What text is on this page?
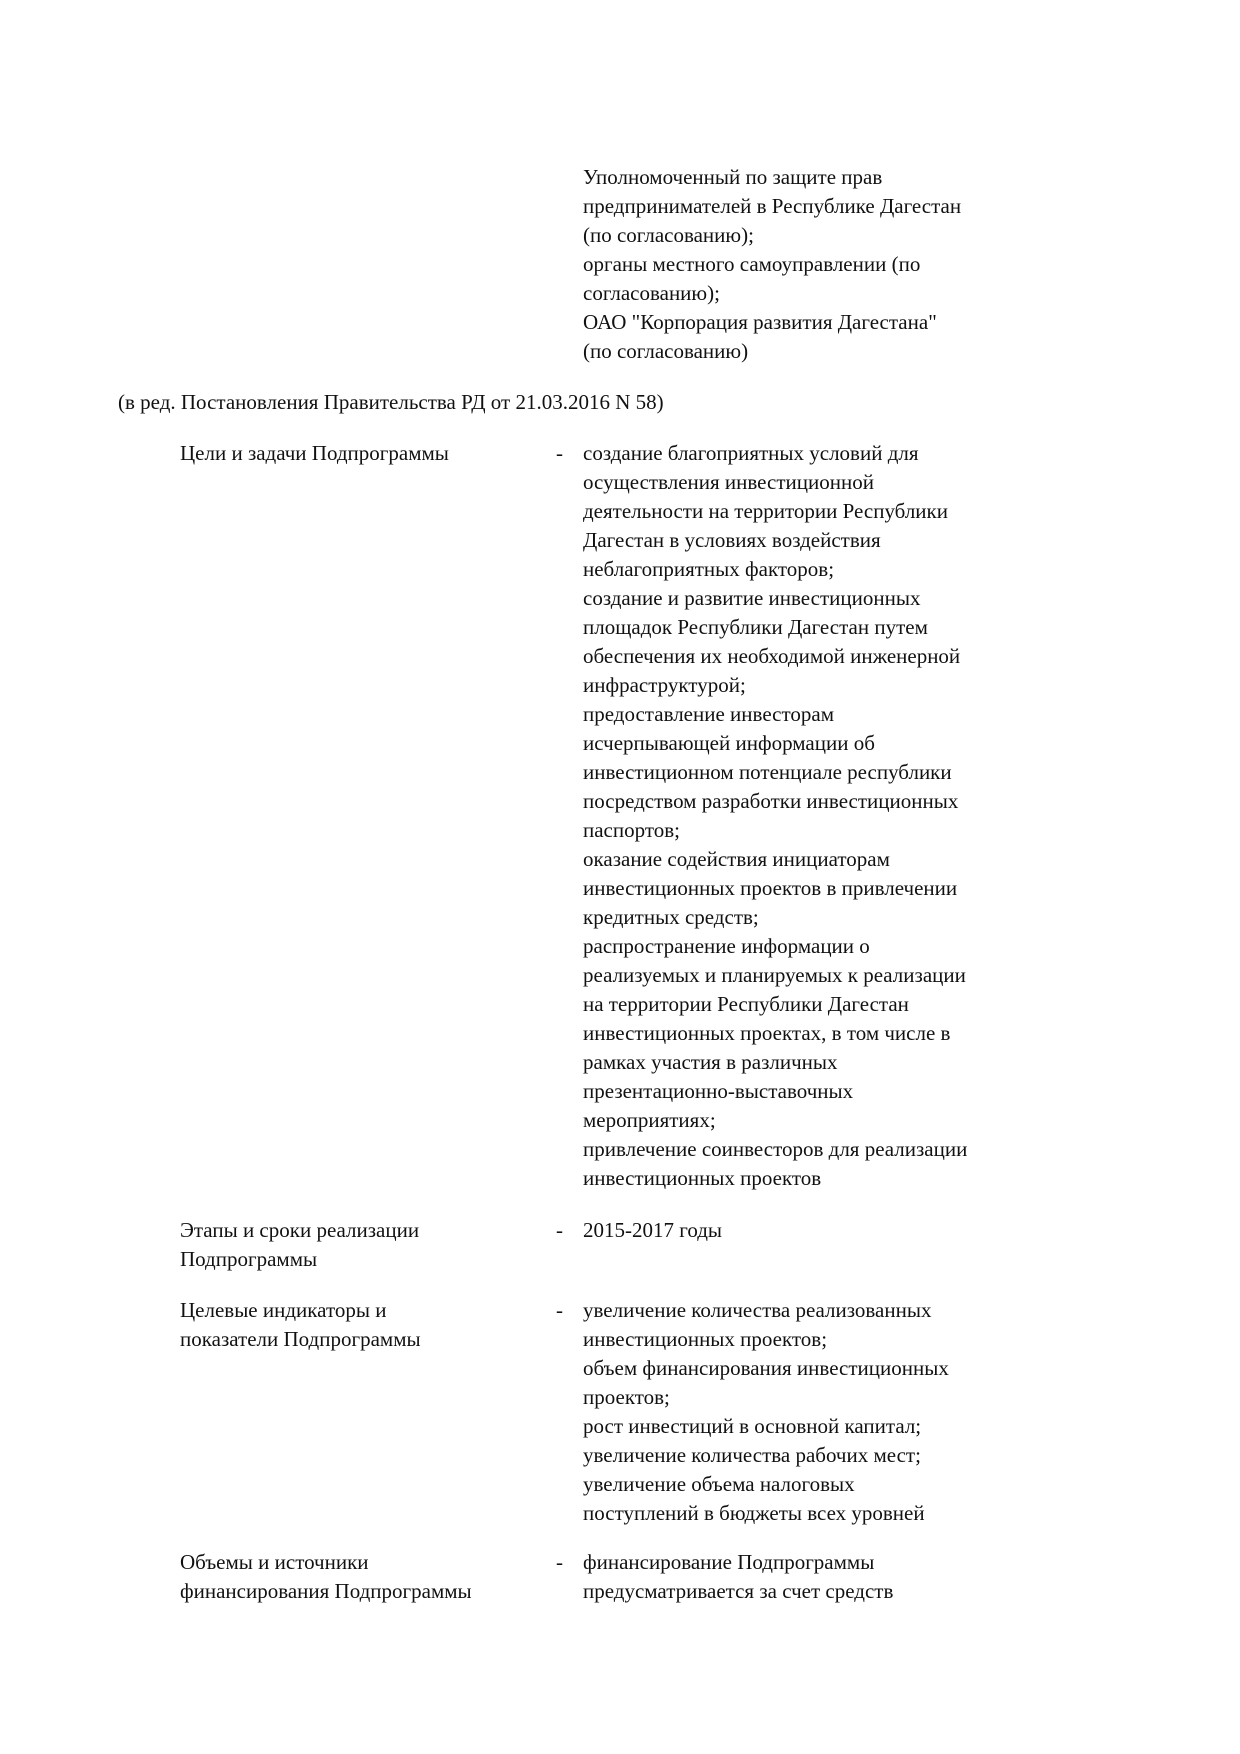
Уполномоченный по защите прав
предпринимателей в Республике Дагестан
(по согласованию);
органы местного самоуправлении (по
согласованию);
ОАО "Корпорация развития Дагестана"
(по согласованию)
(в ред. Постановления Правительства РД от 21.03.2016 N 58)
Цели и задачи Подпрограммы	- создание благоприятных условий для
осуществления инвестиционной
деятельности на территории Республики
Дагестан в условиях воздействия
неблагоприятных факторов;
создание и развитие инвестиционных
площадок Республики Дагестан путем
обеспечения их необходимой инженерной
инфраструктурой;
предоставление инвесторам
исчерпывающей информации об
инвестиционном потенциале республики
посредством разработки инвестиционных
паспортов;
оказание содействия инициаторам
инвестиционных проектов в привлечении
кредитных средств;
распространение информации о
реализуемых и планируемых к реализации
на территории Республики Дагестан
инвестиционных проектах, в том числе в
рамках участия в различных
презентационно-выставочных
мероприятиях;
привлечение соинвесторов для реализации
инвестиционных проектов
Этапы и сроки реализации
Подпрограммы
- 2015-2017 годы
Целевые индикаторы и
показатели Подпрограммы
- увеличение количества реализованных
инвестиционных проектов;
объем финансирования инвестиционных
проектов;
рост инвестиций в основной капитал;
увеличение количества рабочих мест;
увеличение объема налоговых
поступлений в бюджеты всех уровней
Объемы и источники
финансирования Подпрограммы
- финансирование Подпрограммы
предусматривается за счет средств
